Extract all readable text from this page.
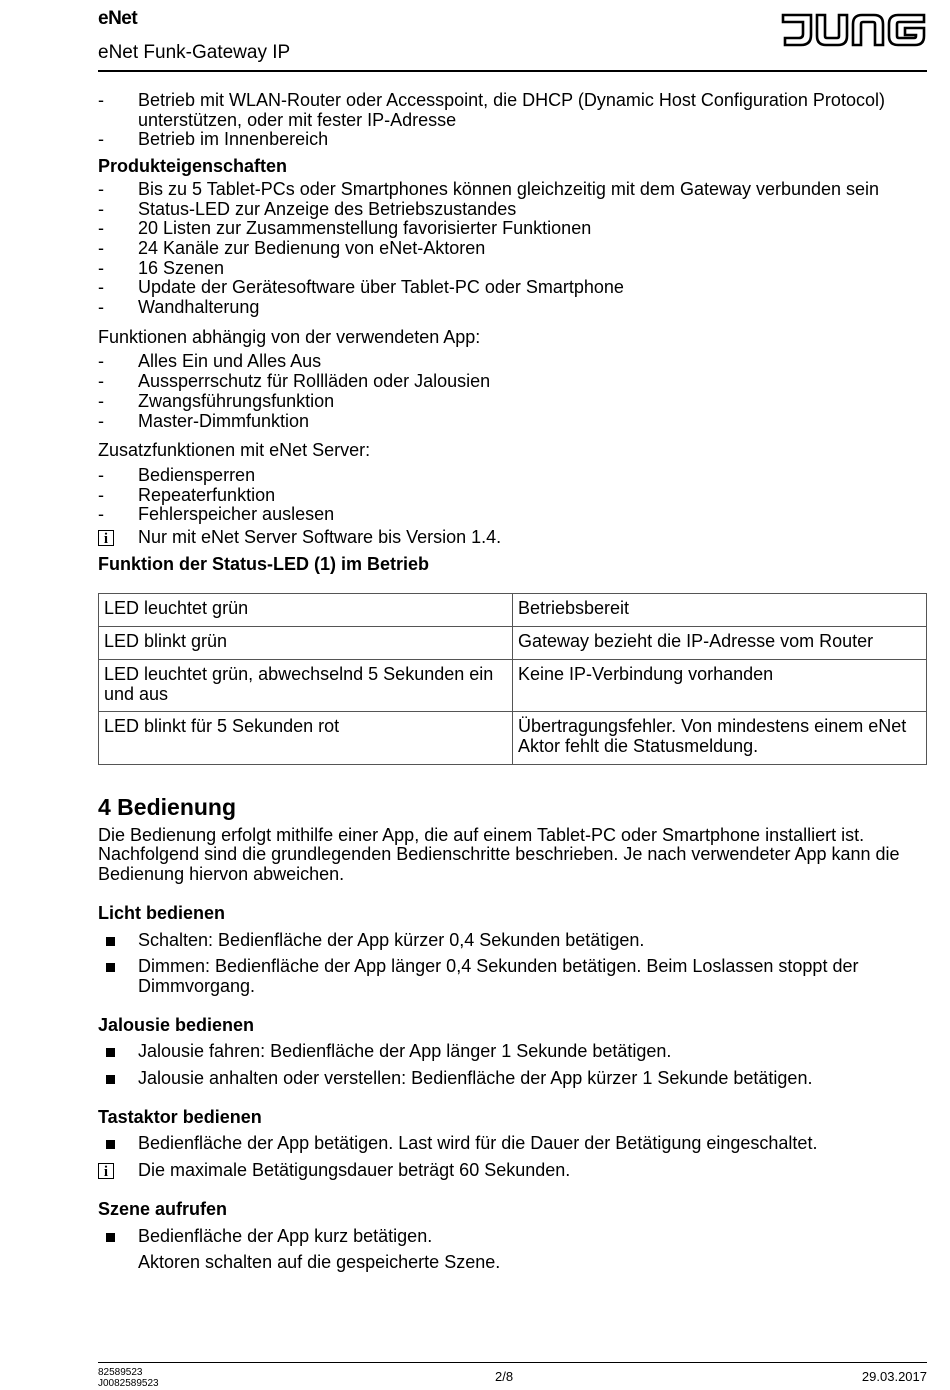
eNet
eNet Funk-Gateway IP
-	Betrieb mit WLAN-Router oder Accesspoint, die DHCP (Dynamic Host Configuration Protocol) unterstützen, oder mit fester IP-Adresse
-	Betrieb im Innenbereich
Produkteigenschaften
-	Bis zu 5 Tablet-PCs oder Smartphones können gleichzeitig mit dem Gateway verbunden sein
-	Status-LED zur Anzeige des Betriebszustandes
-	20 Listen zur Zusammenstellung favorisierter Funktionen
-	24 Kanäle zur Bedienung von eNet-Aktoren
-	16 Szenen
-	Update der Gerätesoftware über Tablet-PC oder Smartphone
-	Wandhalterung
Funktionen abhängig von der verwendeten App:
-	Alles Ein und Alles Aus
-	Aussperrschutz für Rollläden oder Jalousien
-	Zwangsführungsfunktion
-	Master-Dimmfunktion
Zusatzfunktionen mit eNet Server:
-	Bediensperren
-	Repeaterfunktion
-	Fehlerspeicher auslesen
i	Nur mit eNet Server Software bis Version 1.4.
Funktion der Status-LED (1) im Betrieb
LED leuchtet grün	Betriebsbereit
LED blinkt grün	Gateway bezieht die IP-Adresse vom Router
LED leuchtet grün, abwechselnd 5 Sekunden ein und aus	Keine IP-Verbindung vorhanden
LED blinkt für 5 Sekunden rot	Übertragungsfehler. Von mindestens einem eNet Aktor fehlt die Statusmeldung.
4 Bedienung
Die Bedienung erfolgt mithilfe einer App, die auf einem Tablet-PC oder Smartphone installiert ist. Nachfolgend sind die grundlegenden Bedienschritte beschrieben. Je nach verwendeter App kann die Bedienung hiervon abweichen.
Licht bedienen
Schalten: Bedienfläche der App kürzer 0,4 Sekunden betätigen.
Dimmen: Bedienfläche der App länger 0,4 Sekunden betätigen. Beim Loslassen stoppt der Dimmvorgang.
Jalousie bedienen
Jalousie fahren: Bedienfläche der App länger 1 Sekunde betätigen.
Jalousie anhalten oder verstellen: Bedienfläche der App kürzer 1 Sekunde betätigen.
Tastaktor bedienen
Bedienfläche der App betätigen. Last wird für die Dauer der Betätigung eingeschaltet.
i	Die maximale Betätigungsdauer beträgt 60 Sekunden.
Szene aufrufen
Bedienfläche der App kurz betätigen.
Aktoren schalten auf die gespeicherte Szene.
82589523
J0082589523	2/8	29.03.2017
